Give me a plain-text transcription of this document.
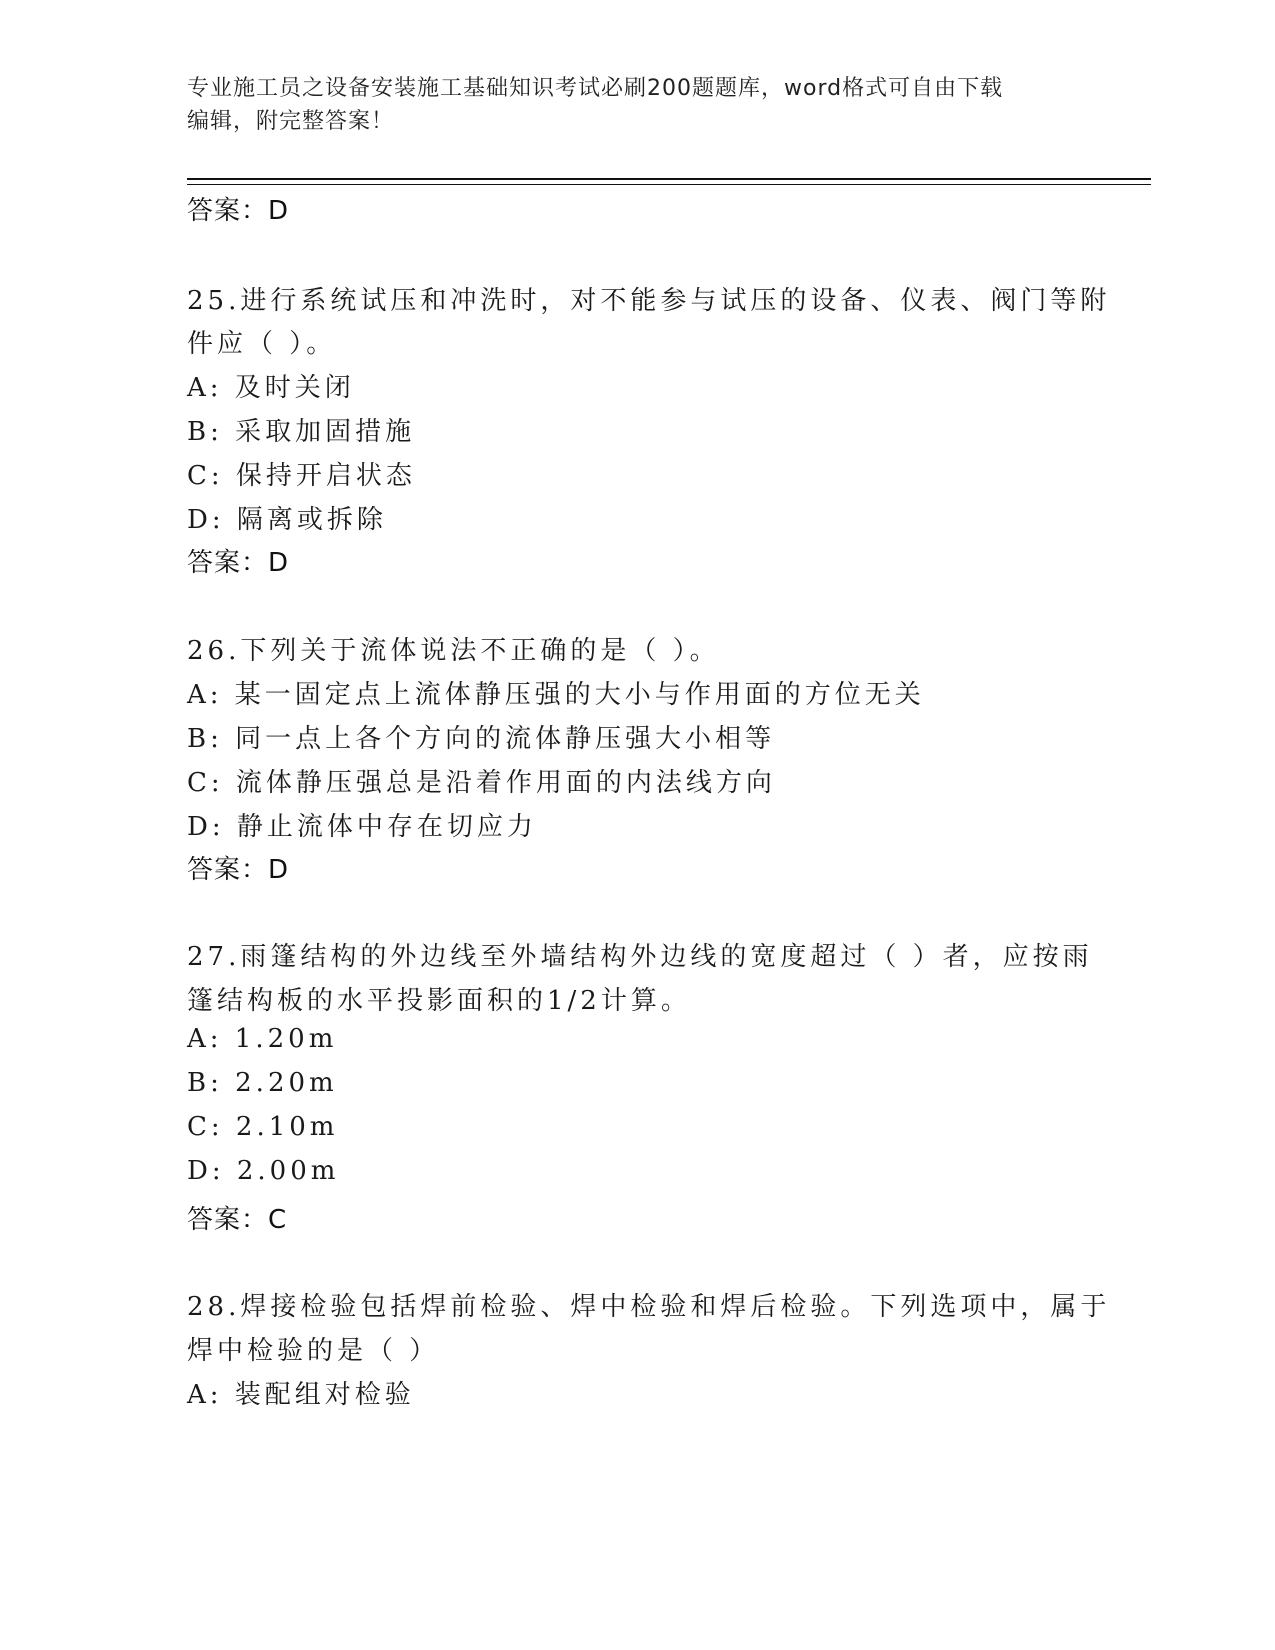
专业施工员之设备安装施工基础知识考试必刷200题题库，word格式可自由下载
编辑，附完整答案！
答案：D
25.进行系统试压和冲洗时，对不能参与试压的设备、仪表、阀门等附
件应（ ）。
A: 及时关闭
B: 采取加固措施
C: 保持开启状态
D: 隔离或拆除
答案：D
26.下列关于流体说法不正确的是（ ）。
A: 某一固定点上流体静压强的大小与作用面的方位无关
B: 同一点上各个方向的流体静压强大小相等
C: 流体静压强总是沿着作用面的内法线方向
D: 静止流体中存在切应力
答案：D
27.雨篷结构的外边线至外墙结构外边线的宽度超过（ ）者，应按雨
篷结构板的水平投影面积的1/2计算。
A: 1.20m
B: 2.20m
C: 2.10m
D: 2.00m
答案：C
28.焊接检验包括焊前检验、焊中检验和焊后检验。下列选项中，属于
焊中检验的是（ ）
A: 装配组对检验
